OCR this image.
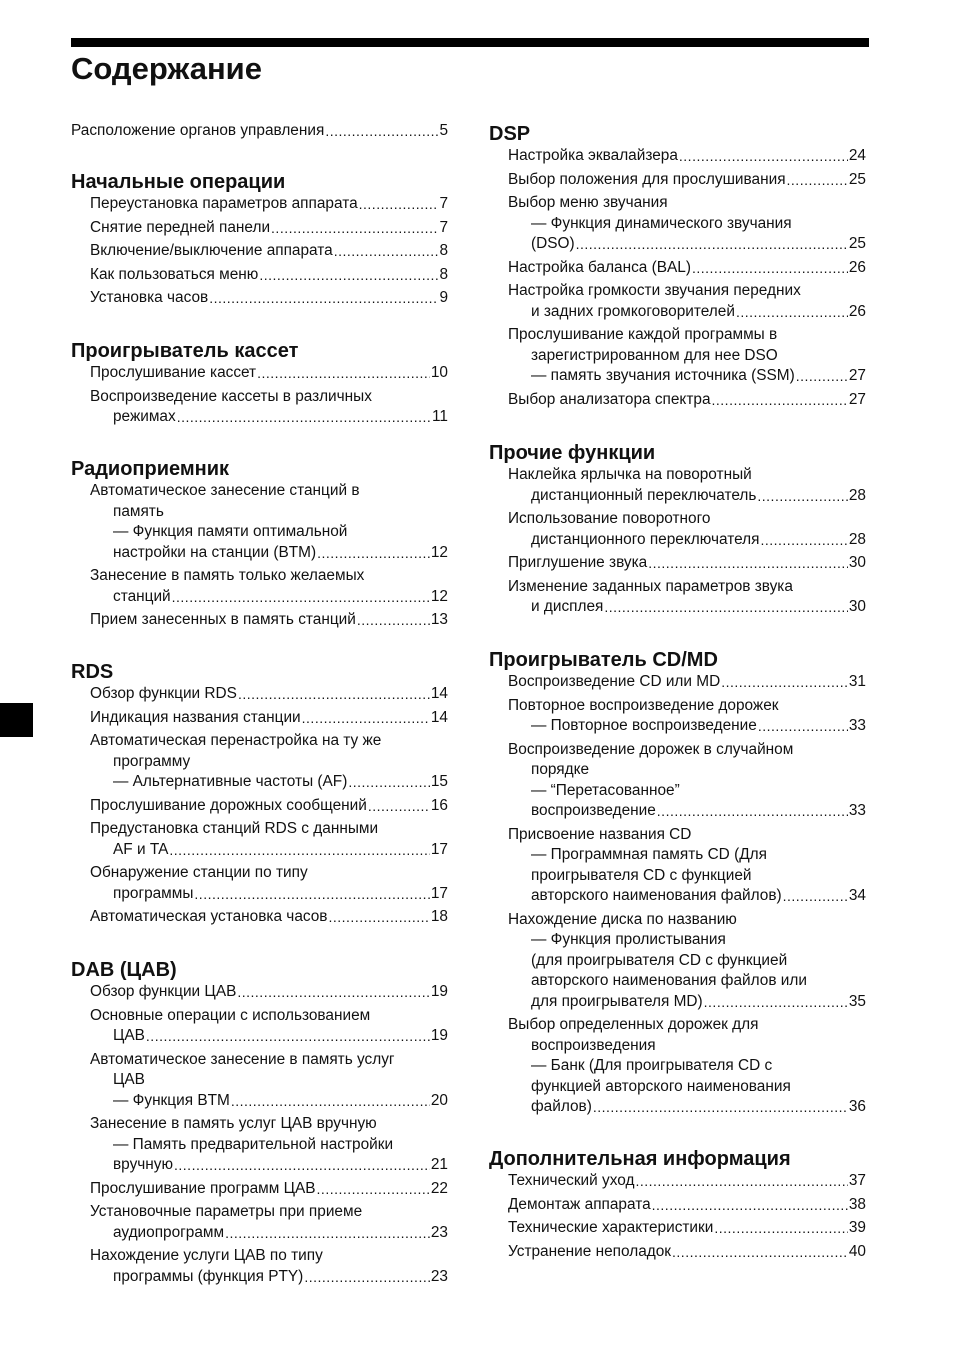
Содержание
Расположение органов управления .....	5
Начальные операции
Переустановка параметров аппарата .....	7
Снятие передней панели .....	7
Включение/выключение аппарата .....	8
Как пользоваться меню .....	8
Установка часов .....	9
Проигрыватель кассет
Прослушивание кассет .....	10
Воспроизведение кассеты в различных
режимах .....	11
Радиоприемник
Автоматическое занесение станций в
память
— Функция памяти оптимальной
настройки на станции (BTM) .....	12
Занесение в память только желаемых
станций .....	12
Прием занесенных в память станций .....	13
RDS
Обзор функции RDS .....	14
Индикация названия станции .....	14
Автоматическая перенастройка на ту же
программу
— Альтернативные частоты (AF) .....	15
Прослушивание дорожных сообщений .....	16
Предустановка станций RDS с данными
AF и TA .....	17
Обнаружение станции по типу
программы .....	17
Автоматическая установка часов .....	18
DAB (ЦАВ)
Обзор функции ЦАВ .....	19
Основные операции с использованием
ЦАВ .....	19
Автоматическое занесение в память услуг
ЦАВ
— Функция BTM .....	20
Занесение в память услуг ЦАВ вручную
— Память предварительной настройки
вручную .....	21
Прослушивание программ ЦАВ .....	22
Установочные параметры при приеме
аудиопрограмм .....	23
Нахождение услуги ЦАВ по типу
программы (функция PTY) .....	23
DSP
Настройка эквалайзера .....	24
Выбор положения для прослушивания .....	25
Выбор меню звучания
— Функция динамического звучания
(DSO) .....	25
Настройка баланса (BAL) .....	26
Настройка громкости звучания передних
и задних громкоговорителей .....	26
Прослушивание каждой программы в
зарегистрированном для нее DSO
— память звучания источника (SSM) .....	27
Выбор анализатора спектра .....	27
Прочие функции
Наклейка ярлычка на поворотный
дистанционный переключатель .....	28
Использование поворотного
дистанционного переключателя .....	28
Приглушение звука .....	30
Изменение заданных параметров звука
и дисплея .....	30
Проигрыватель CD/MD
Воспроизведение CD или MD .....	31
Повторное воспроизведение дорожек
— Повторное воспроизведение .....	33
Воспроизведение дорожек в случайном
порядке
— “Перетасованное”
воспроизведение .....	33
Присвоение названия CD
— Программная память CD (Для
проигрывателя CD с функцией
авторского наименования файлов) .....	34
Нахождение диска по названию
— Функция пролистывания
(для проигрывателя CD с функцией
авторского наименования файлов или
для проигрывателя MD) .....	35
Выбор определенных дорожек для
воспроизведения
— Банк (Для проигрывателя CD с
функцией авторского наименования
файлов) .....	36
Дополнительная информация
Технический уход .....	37
Демонтаж аппарата .....	38
Технические характеристики .....	39
Устранение неполадок .....	40
